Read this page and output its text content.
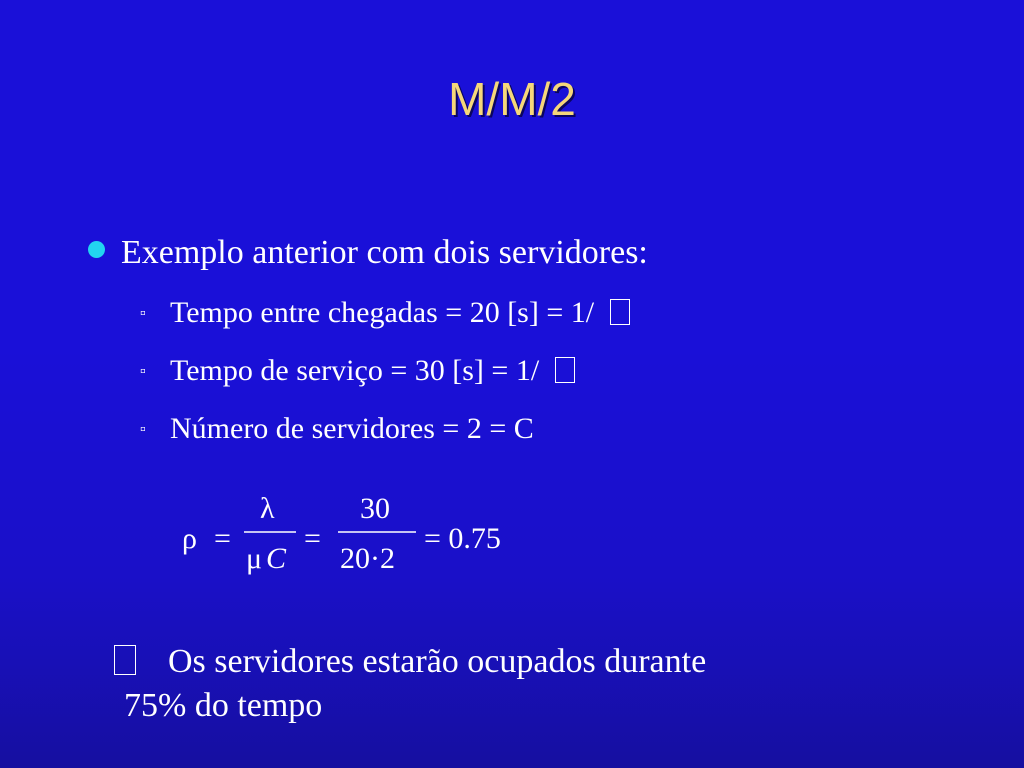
M/M/2
Exemplo anterior com dois servidores:
▫ Tempo entre chegadas = 20 [s] = 1/
▫ Tempo de serviço = 30 [s] = 1/
▫ Número de servidores = 2 = C
ρ =
λ
μ C
=
30
20·2
= 0.75
Os servidores estarão ocupados durante
75% do tempo
